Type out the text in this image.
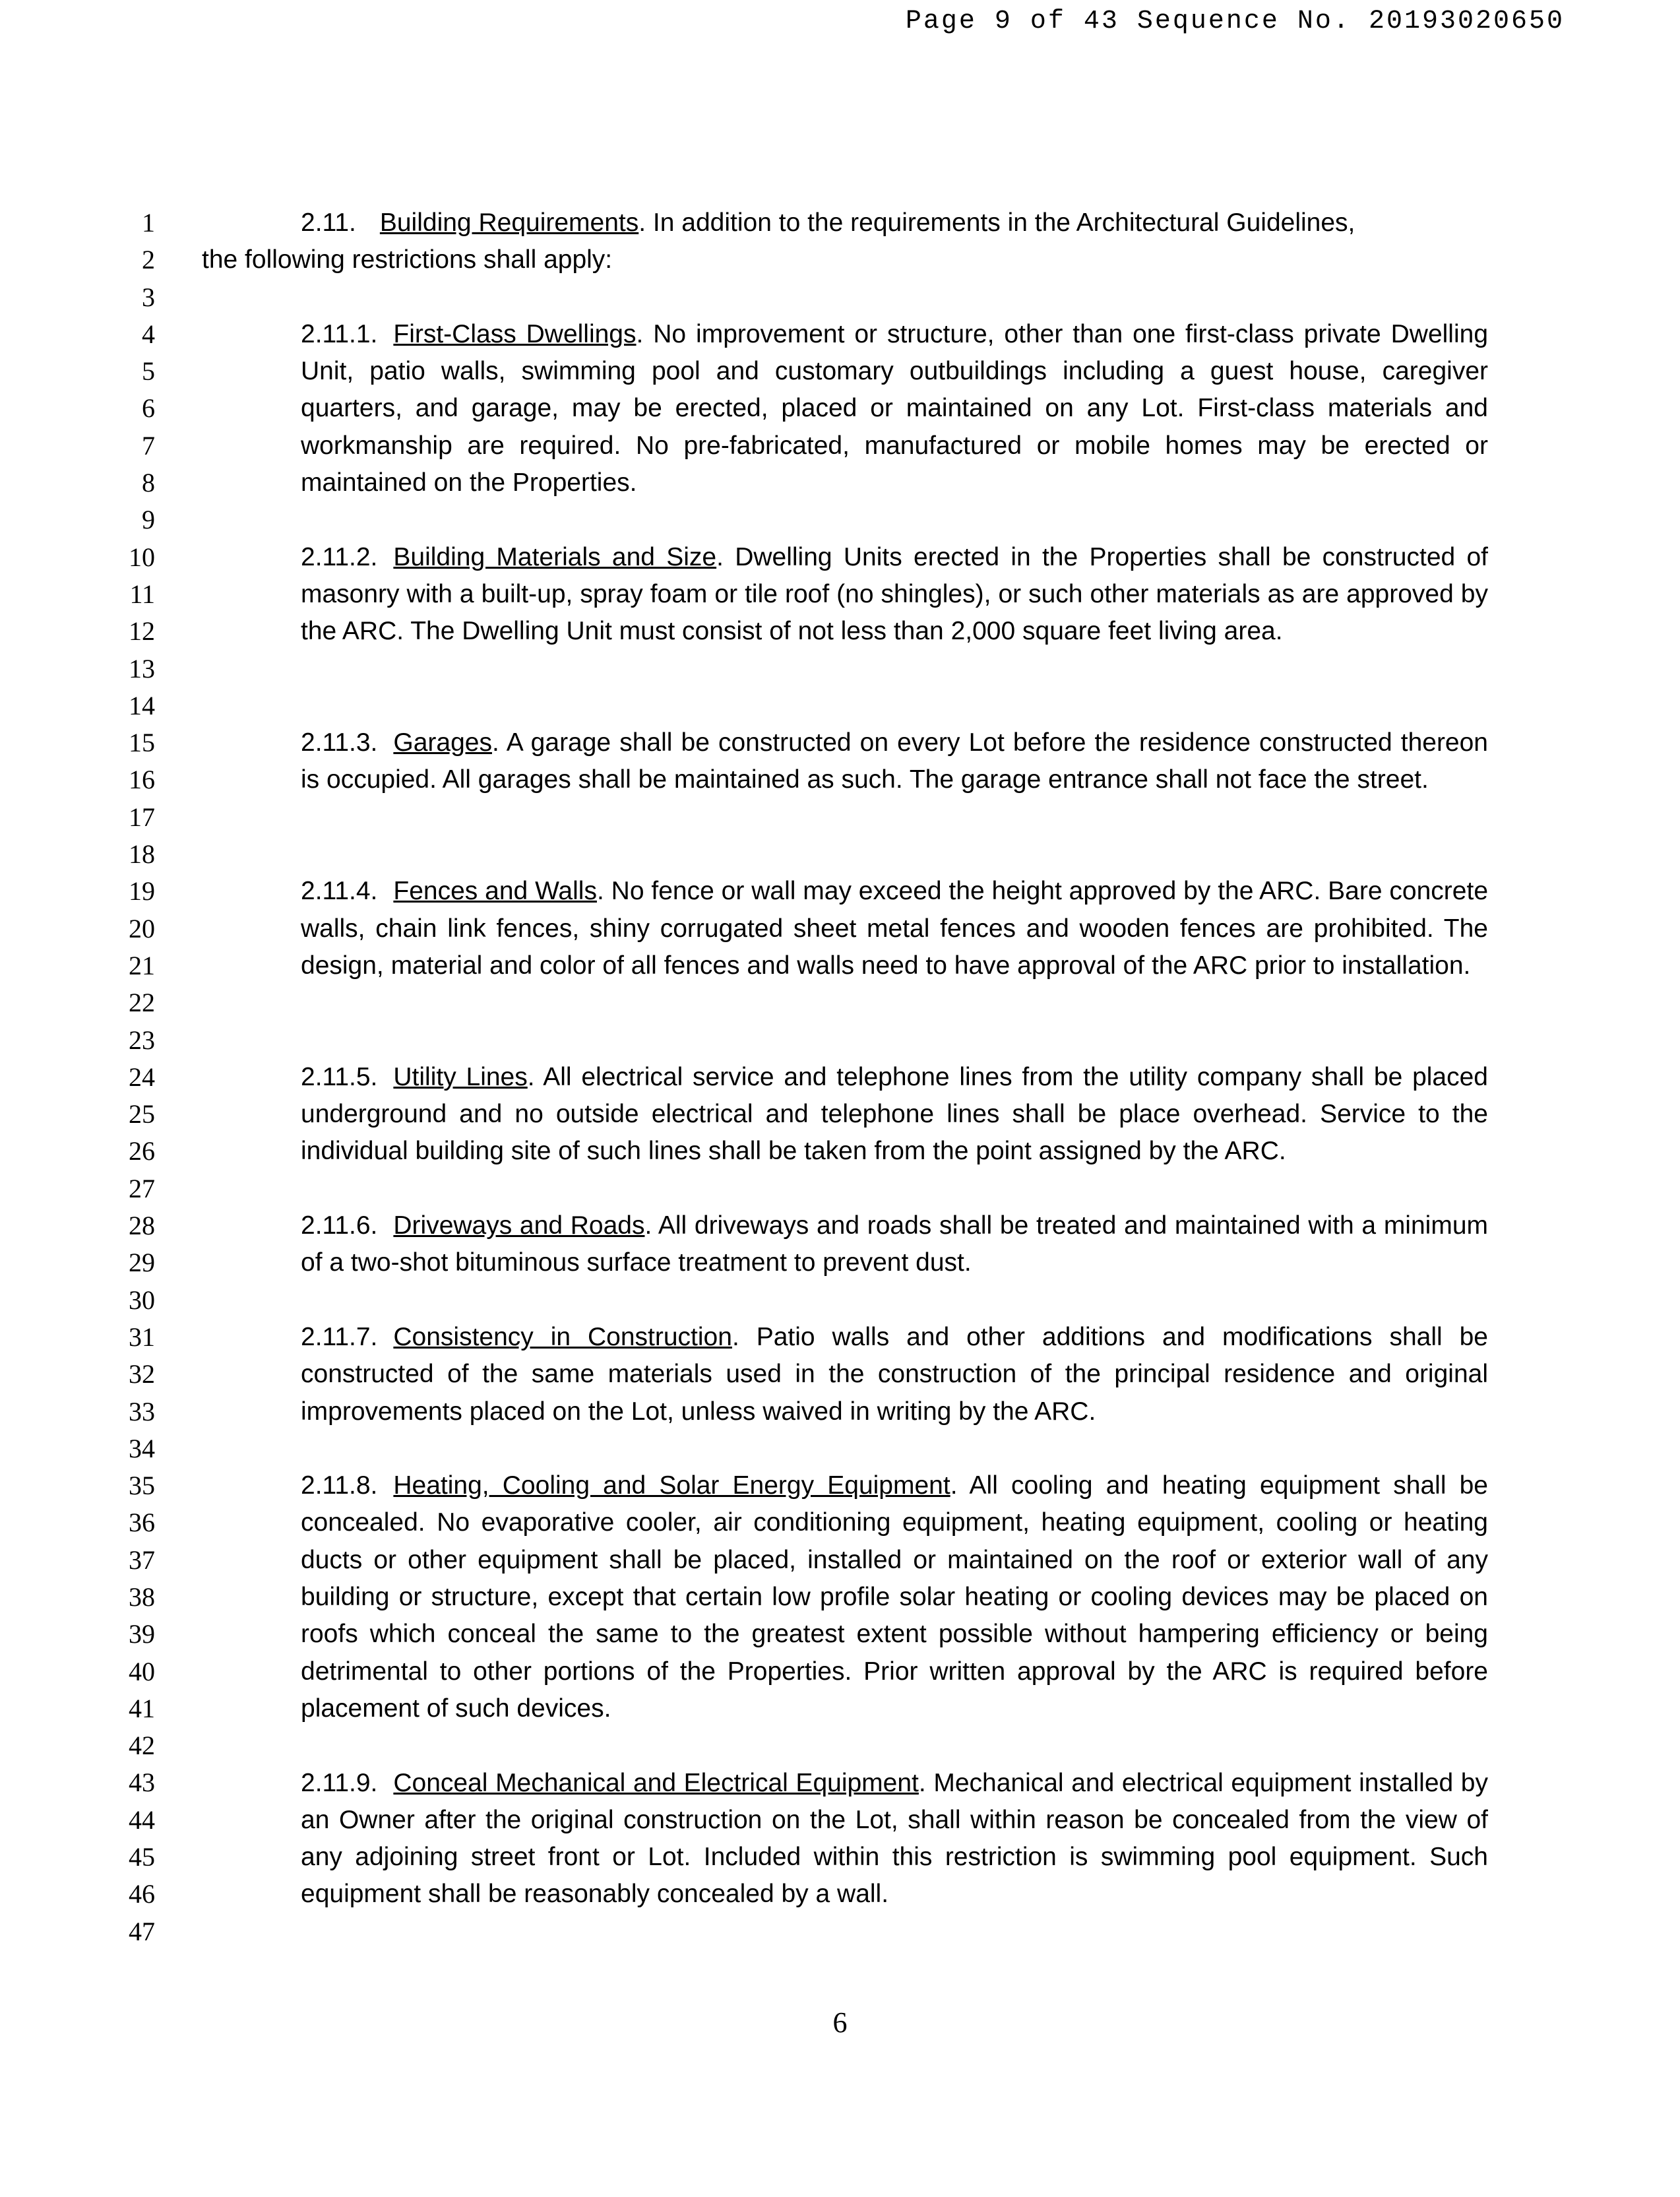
Page 9 of 43 Sequence No. 20193020650
1
2
3
4
5
6
7
8
9
10
11
12
13
14
15
16
17
18
19
20
21
22
23
24
25
26
27
28
29
30
31
32
33
34
35
36
37
38
39
40
41
42
43
44
45
46
47
2.11. Building Requirements. In addition to the requirements in the Architectural Guidelines,
the following restrictions shall apply:
2.11.1. First-Class Dwellings. No improvement or structure, other than one first-class private Dwelling Unit, patio walls, swimming pool and customary outbuildings including a guest house, caregiver quarters, and garage, may be erected, placed or maintained on any Lot. First-class materials and workmanship are required. No pre-fabricated, manufactured or mobile homes may be erected or maintained on the Properties.
2.11.2. Building Materials and Size. Dwelling Units erected in the Properties shall be constructed of masonry with a built-up, spray foam or tile roof (no shingles), or such other materials as are approved by the ARC. The Dwelling Unit must consist of not less than 2,000 square feet living area.
2.11.3. Garages. A garage shall be constructed on every Lot before the residence constructed thereon is occupied. All garages shall be maintained as such. The garage entrance shall not face the street.
2.11.4. Fences and Walls. No fence or wall may exceed the height approved by the ARC. Bare concrete walls, chain link fences, shiny corrugated sheet metal fences and wooden fences are prohibited. The design, material and color of all fences and walls need to have approval of the ARC prior to installation.
2.11.5. Utility Lines. All electrical service and telephone lines from the utility company shall be placed underground and no outside electrical and telephone lines shall be place overhead. Service to the individual building site of such lines shall be taken from the point assigned by the ARC.
2.11.6. Driveways and Roads. All driveways and roads shall be treated and maintained with a minimum of a two-shot bituminous surface treatment to prevent dust.
2.11.7. Consistency in Construction. Patio walls and other additions and modifications shall be constructed of the same materials used in the construction of the principal residence and original improvements placed on the Lot, unless waived in writing by the ARC.
2.11.8. Heating, Cooling and Solar Energy Equipment. All cooling and heating equipment shall be concealed. No evaporative cooler, air conditioning equipment, heating equipment, cooling or heating ducts or other equipment shall be placed, installed or maintained on the roof or exterior wall of any building or structure, except that certain low profile solar heating or cooling devices may be placed on roofs which conceal the same to the greatest extent possible without hampering efficiency or being detrimental to other portions of the Properties. Prior written approval by the ARC is required before placement of such devices.
2.11.9. Conceal Mechanical and Electrical Equipment. Mechanical and electrical equipment installed by an Owner after the original construction on the Lot, shall within reason be concealed from the view of any adjoining street front or Lot. Included within this restriction is swimming pool equipment. Such equipment shall be reasonably concealed by a wall.
6
